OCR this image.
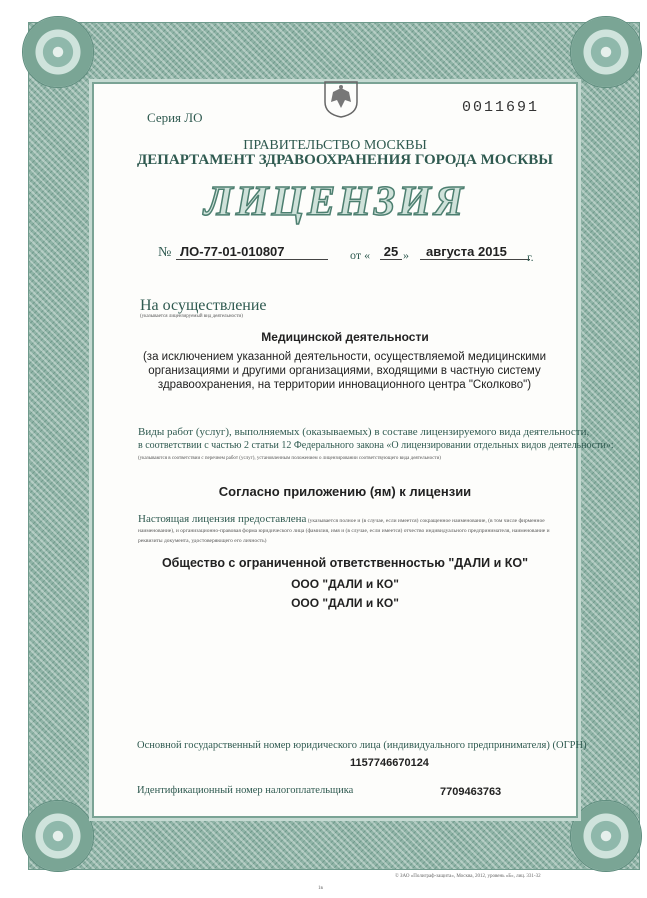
Серия ЛО
0011691
ПРАВИТЕЛЬСТВО МОСКВЫ
ДЕПАРТАМЕНТ ЗДРАВООХРАНЕНИЯ ГОРОДА МОСКВЫ
ЛИЦЕНЗИЯ
№ ЛО-77-01-010807	от « 25 »	августа 2015	г.
На осуществление
(указывается лицензируемый вид деятельности)
Медицинской деятельности
(за исключением указанной деятельности, осуществляемой медицинскими организациями и другими организациями, входящими в частную систему здравоохранения, на территории инновационного центра "Сколково")
Виды работ (услуг), выполняемых (оказываемых) в составе лицензируемого вида деятельности,
в соответствии с частью 2 статьи 12 Федерального закона «О лицензировании отдельных видов деятельности»:
(указываются в соответствии с перечнем работ (услуг), установленным положением о лицензировании соответствующего вида деятельности)
Согласно приложению (ям) к лицензии
Настоящая лицензия предоставлена (указывается полное и (в случае, если имеется) сокращенное наименование, (в том числе фирменное наименование), и организационно-правовая форма юридического лица (фамилия, имя и (в случае, если имеется) отчество индивидуального предпринимателя, наименование и реквизиты документа, удостоверяющего его личность)
Общество с ограниченной ответственностью "ДАЛИ и КО"
ООО "ДАЛИ и КО"
ООО "ДАЛИ и КО"
Основной государственный номер юридического лица (индивидуального предпринимателя) (ОГРН)
1157746670124
Идентификационный номер налогоплательщика	7709463763
© ЗАО «Полиграф-защита», Москва, 2012, уровень «Б», лиц. 331-32
1в
